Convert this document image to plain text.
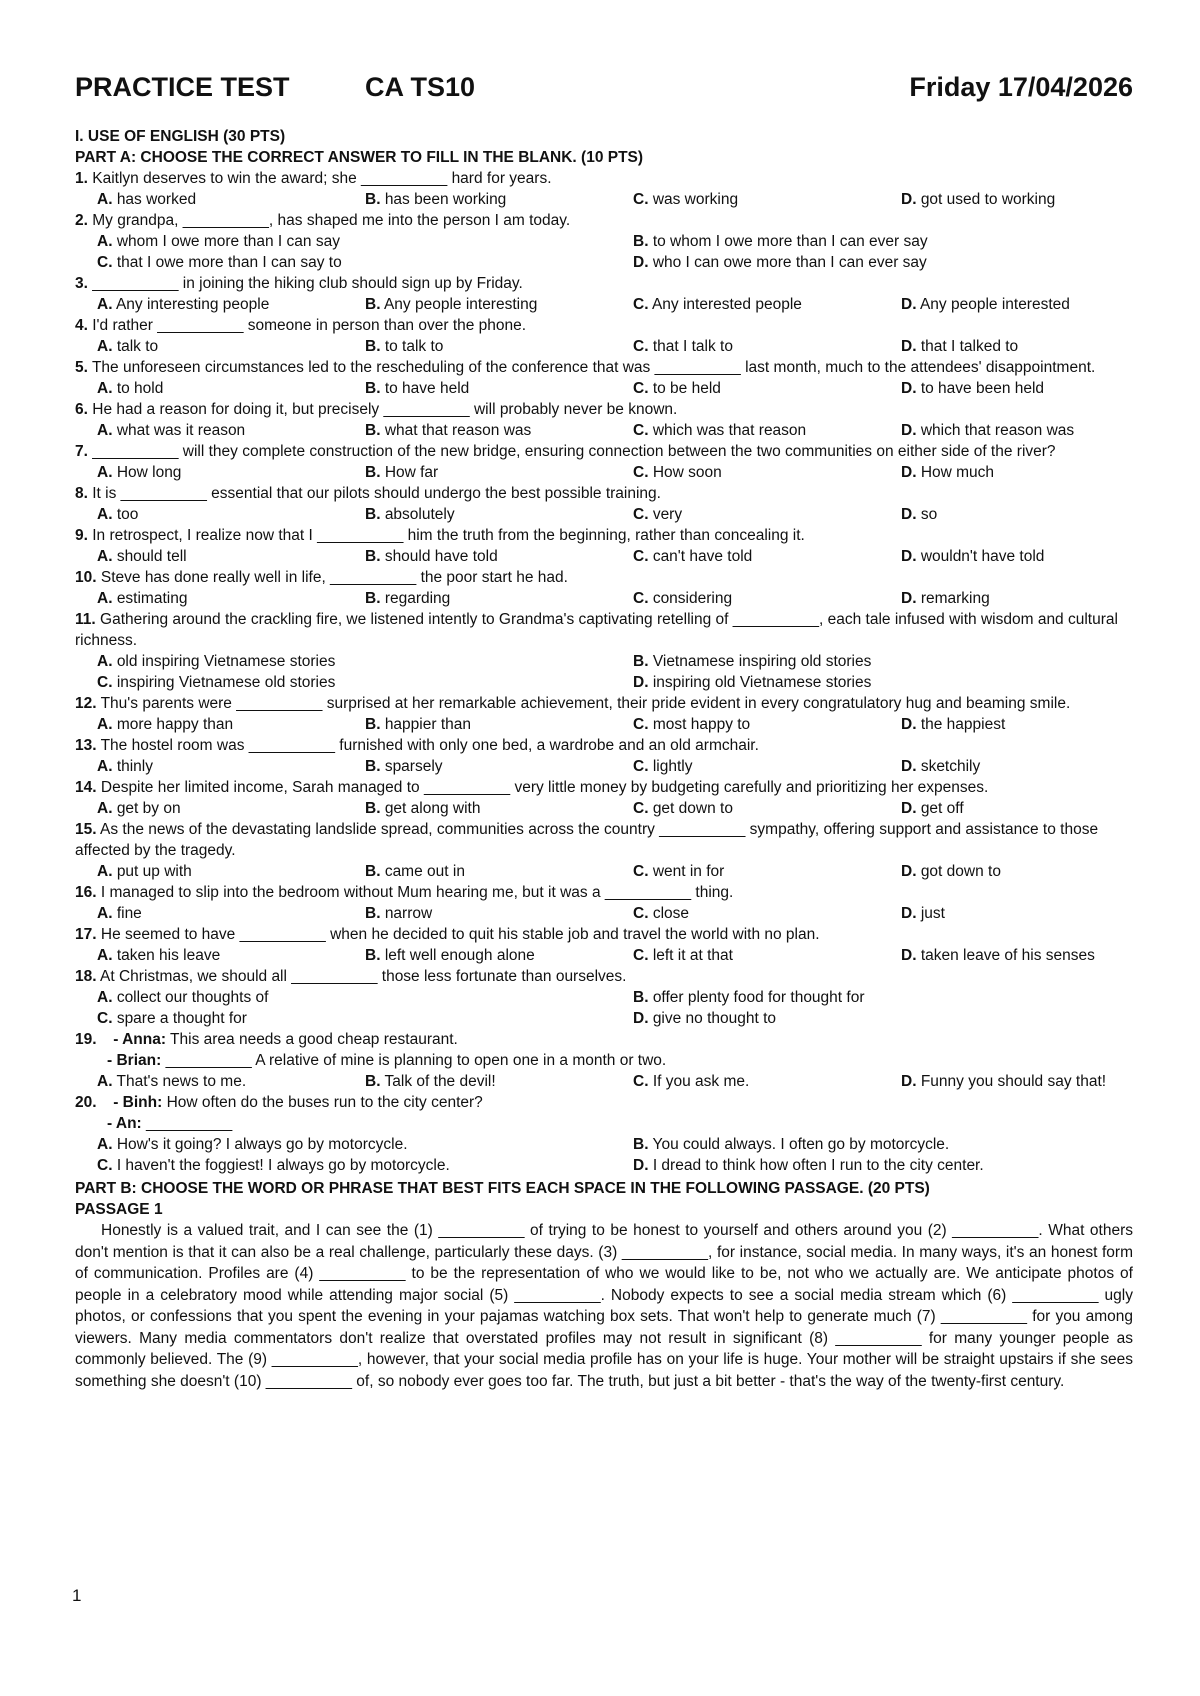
PRACTICE TEST	CA TS10	Friday 17/04/2026
I. USE OF ENGLISH (30 PTS)
PART A: CHOOSE THE CORRECT ANSWER TO FILL IN THE BLANK. (10 PTS)
1. Kaitlyn deserves to win the award; she __________ hard for years.
A. has worked	B. has been working	C. was working	D. got used to working
2. My grandpa, __________, has shaped me into the person I am today.
A. whom I owe more than I can say	B. to whom I owe more than I can ever say
C. that I owe more than I can say to	D. who I can owe more than I can ever say
3. __________ in joining the hiking club should sign up by Friday.
A. Any interesting people	B. Any people interesting	C. Any interested people	D. Any people interested
4. I'd rather __________ someone in person than over the phone.
A. talk to	B. to talk to	C. that I talk to	D. that I talked to
5. The unforeseen circumstances led to the rescheduling of the conference that was __________ last month, much to the attendees' disappointment.
A. to hold	B. to have held	C. to be held	D. to have been held
6. He had a reason for doing it, but precisely __________ will probably never be known.
A. what was it reason	B. what that reason was	C. which was that reason	D. which that reason was
7. __________ will they complete construction of the new bridge, ensuring connection between the two communities on either side of the river?
A. How long	B. How far	C. How soon	D. How much
8. It is __________ essential that our pilots should undergo the best possible training.
A. too	B. absolutely	C. very	D. so
9. In retrospect, I realize now that I __________ him the truth from the beginning, rather than concealing it.
A. should tell	B. should have told	C. can't have told	D. wouldn't have told
10. Steve has done really well in life, __________ the poor start he had.
A. estimating	B. regarding	C. considering	D. remarking
11. Gathering around the crackling fire, we listened intently to Grandma's captivating retelling of __________, each tale infused with wisdom and cultural richness.
A. old inspiring Vietnamese stories	B. Vietnamese inspiring old stories
C. inspiring Vietnamese old stories	D. inspiring old Vietnamese stories
12. Thu's parents were __________ surprised at her remarkable achievement, their pride evident in every congratulatory hug and beaming smile.
A. more happy than	B. happier than	C. most happy to	D. the happiest
13. The hostel room was __________ furnished with only one bed, a wardrobe and an old armchair.
A. thinly	B. sparsely	C. lightly	D. sketchily
14. Despite her limited income, Sarah managed to __________ very little money by budgeting carefully and prioritizing her expenses.
A. get by on	B. get along with	C. get down to	D. get off
15. As the news of the devastating landslide spread, communities across the country __________ sympathy, offering support and assistance to those affected by the tragedy.
A. put up with	B. came out in	C. went in for	D. got down to
16. I managed to slip into the bedroom without Mum hearing me, but it was a __________ thing.
A. fine	B. narrow	C. close	D. just
17. He seemed to have __________ when he decided to quit his stable job and travel the world with no plan.
A. taken his leave	B. left well enough alone	C. left it at that	D. taken leave of his senses
18. At Christmas, we should all __________ those less fortunate than ourselves.
A. collect our thoughts of	B. offer plenty food for thought for
C. spare a thought for	D. give no thought to
19. - Anna: This area needs a good cheap restaurant.
- Brian: __________ A relative of mine is planning to open one in a month or two.
A. That's news to me.	B. Talk of the devil!	C. If you ask me.	D. Funny you should say that!
20. - Binh: How often do the buses run to the city center?
- An: __________
A. How's it going? I always go by motorcycle.	B. You could always. I often go by motorcycle.
C. I haven't the foggiest! I always go by motorcycle.	D. I dread to think how often I run to the city center.
PART B: CHOOSE THE WORD OR PHRASE THAT BEST FITS EACH SPACE IN THE FOLLOWING PASSAGE. (20 PTS)
PASSAGE 1
Honestly is a valued trait, and I can see the (1) __________ of trying to be honest to yourself and others around you (2) __________. What others don't mention is that it can also be a real challenge, particularly these days. (3) __________, for instance, social media. In many ways, it's an honest form of communication. Profiles are (4) __________ to be the representation of who we would like to be, not who we actually are. We anticipate photos of people in a celebratory mood while attending major social (5) __________. Nobody expects to see a social media stream which (6) __________ ugly photos, or confessions that you spent the evening in your pajamas watching box sets. That won't help to generate much (7) __________ for you among viewers. Many media commentators don't realize that overstated profiles may not result in significant (8) __________ for many younger people as commonly believed. The (9) __________, however, that your social media profile has on your life is huge. Your mother will be straight upstairs if she sees something she doesn't (10) __________ of, so nobody ever goes too far. The truth, but just a bit better - that's the way of the twenty-first century.
1
